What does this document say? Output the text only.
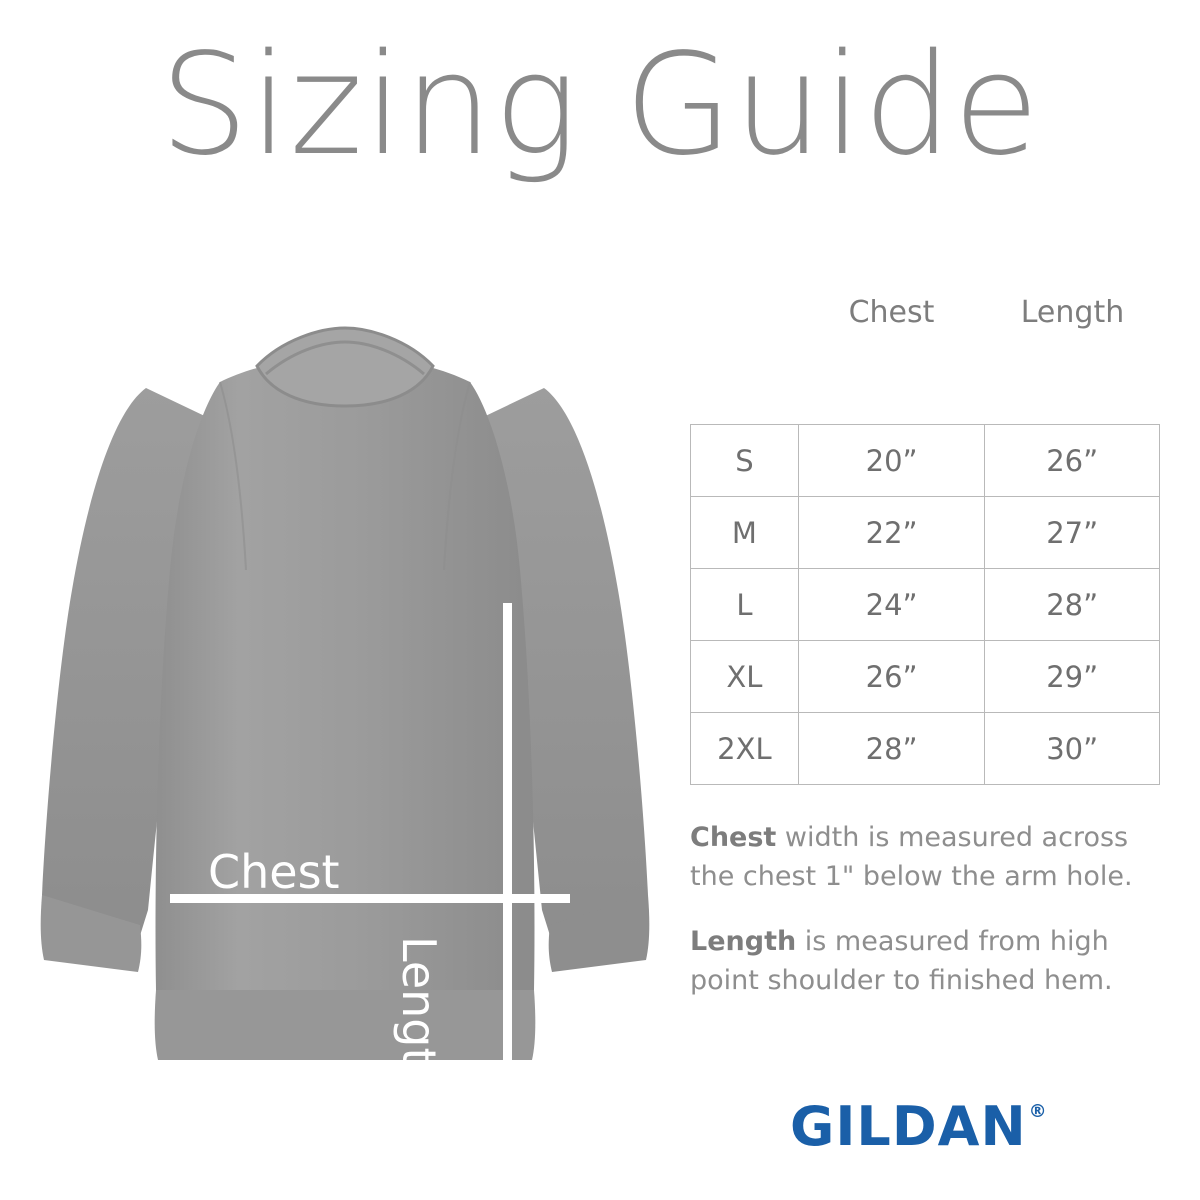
Sizing Guide
Chest
Length
Chest	Length
S	20”	26”
M	22”	27”
L	24”	28”
XL	26”	29”
2XL	28”	30”

Chest width is measured across the chest 1" below the arm hole.

Length is measured from high point shoulder to finished hem.

GILDAN ®
